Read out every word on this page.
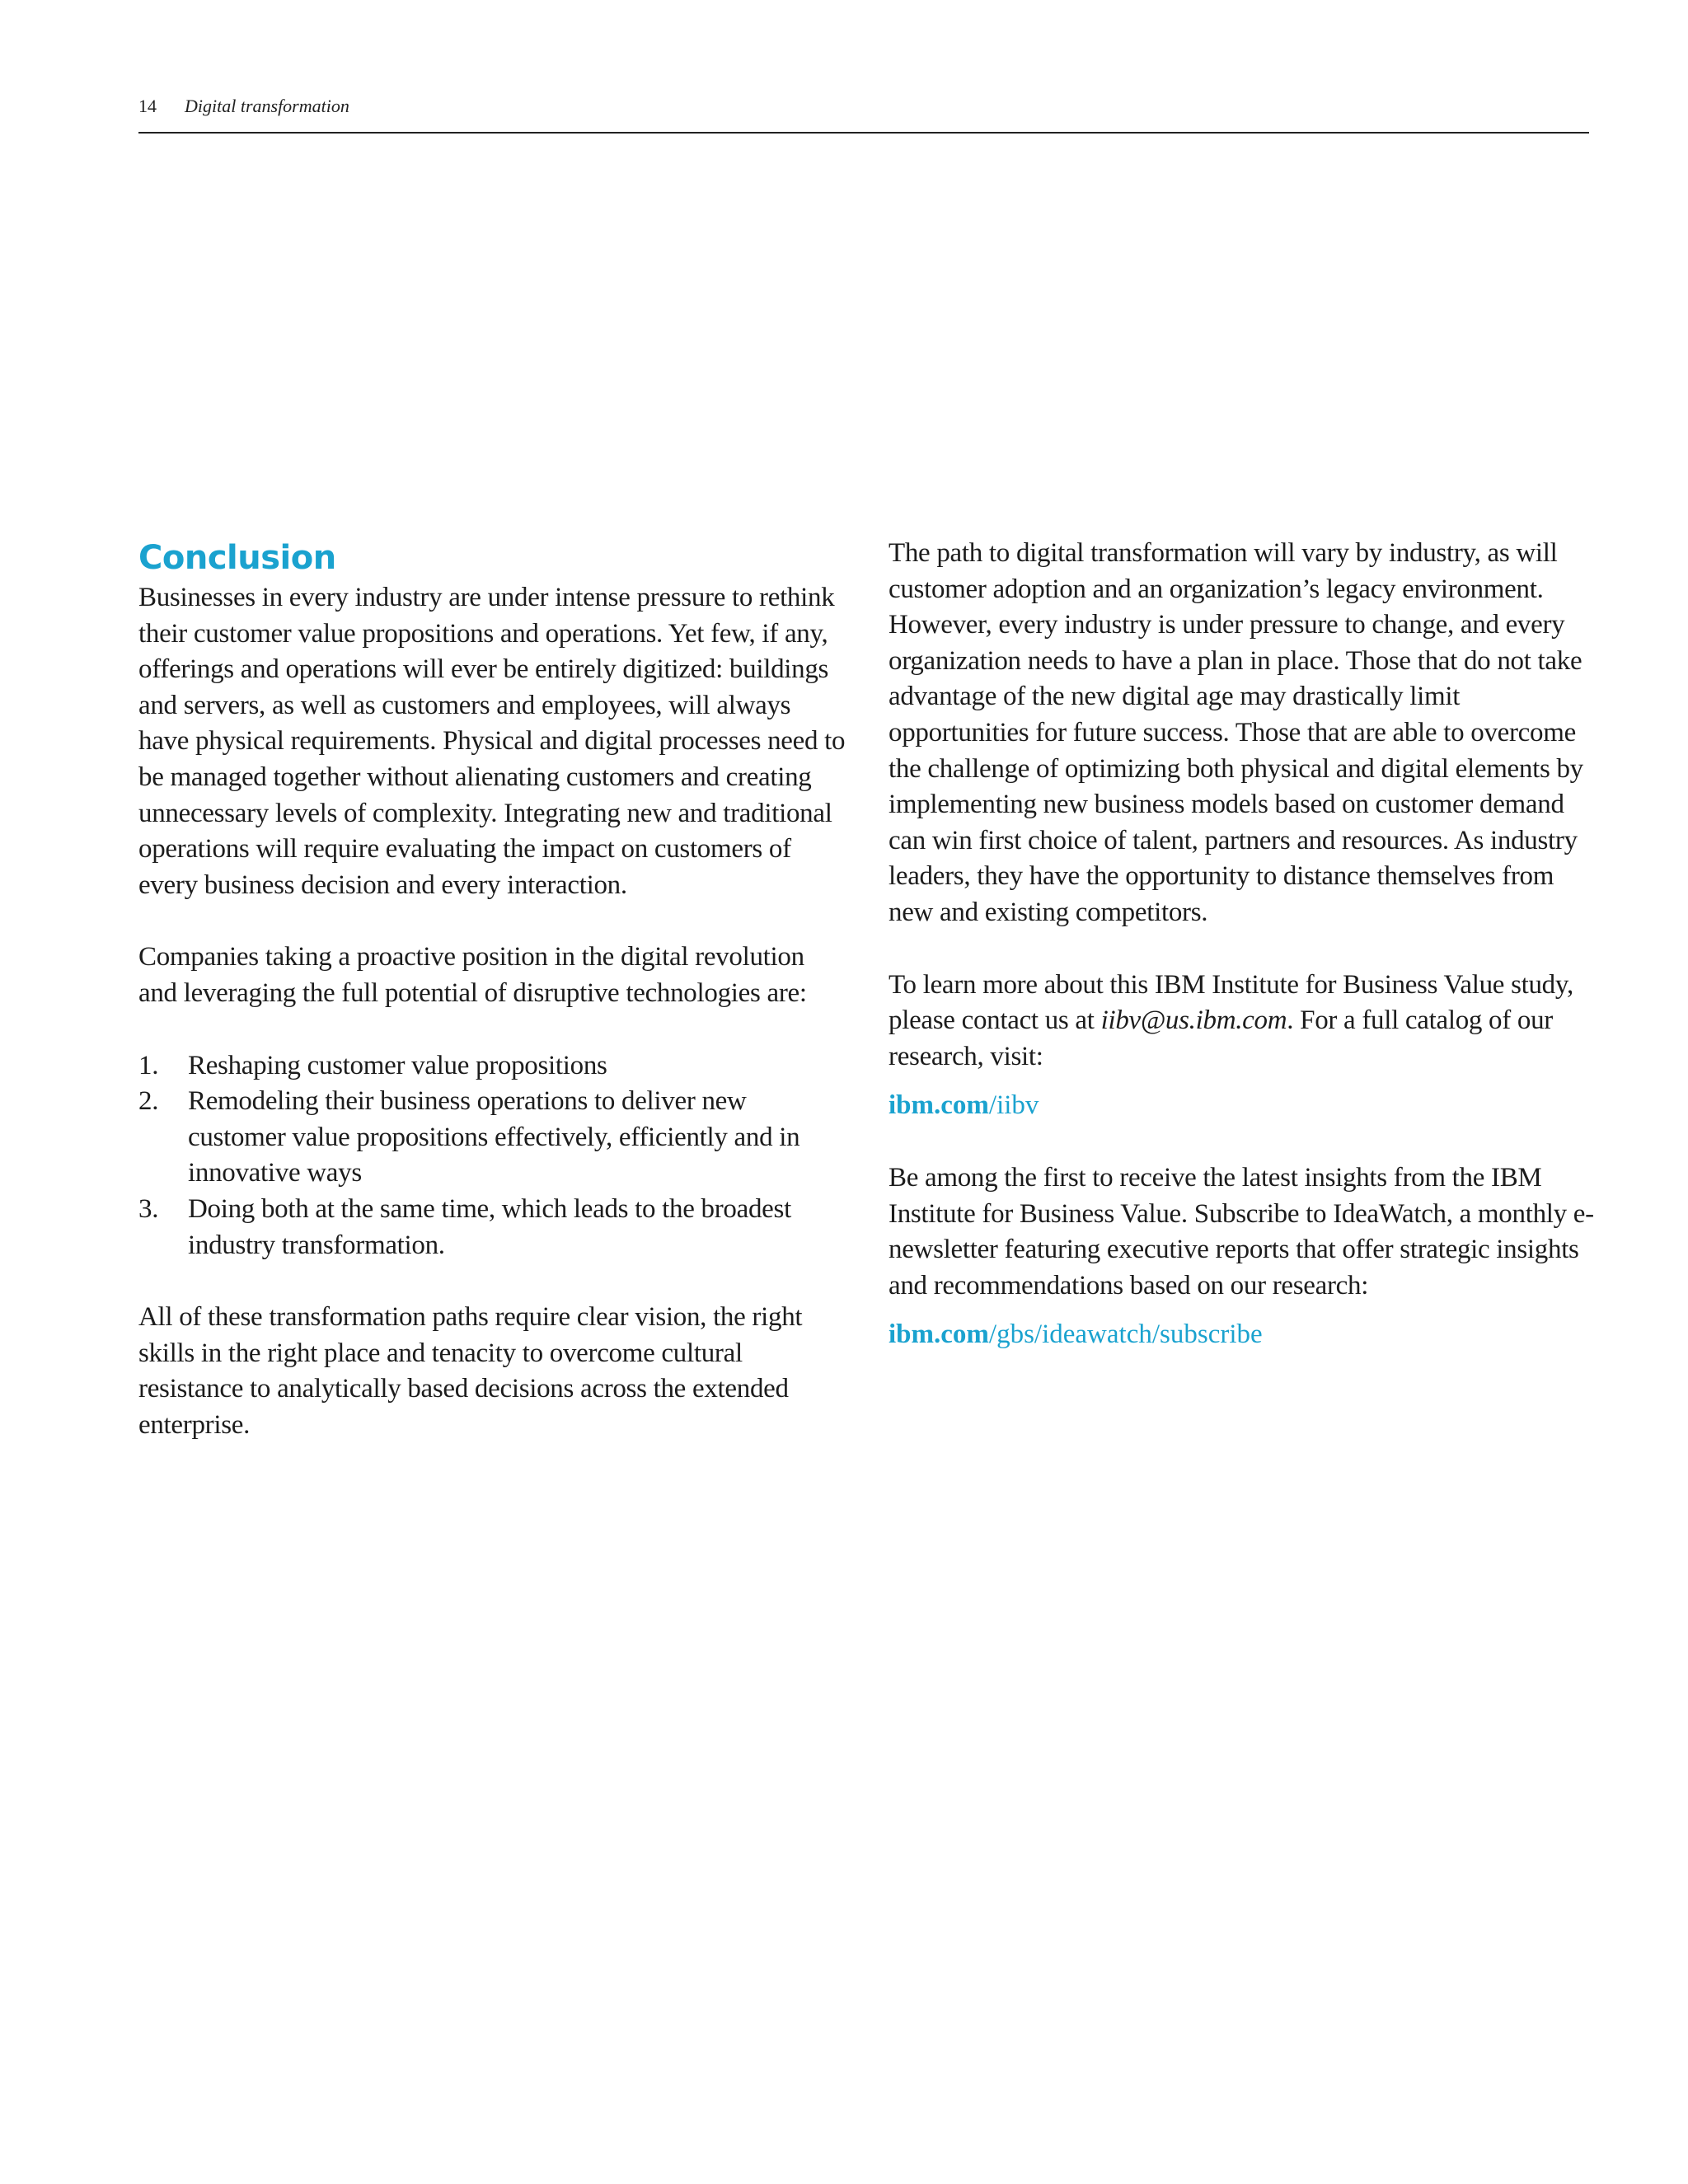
14 Digital transformation
Conclusion

Businesses in every industry are under intense pressure to rethink their customer value propositions and operations. Yet few, if any, offerings and operations will ever be entirely digitized: buildings and servers, as well as customers and employees, will always have physical requirements. Physical and digital processes need to be managed together without alienating customers and creating unnecessary levels of complexity. Integrating new and traditional operations will require evaluating the impact on customers of every business decision and every interaction.

Companies taking a proactive position in the digital revolution and leveraging the full potential of disruptive technologies are:

1. Reshaping customer value propositions
2. Remodeling their business operations to deliver new customer value propositions effectively, efficiently and in innovative ways
3. Doing both at the same time, which leads to the broadest industry transformation.

All of these transformation paths require clear vision, the right skills in the right place and tenacity to overcome cultural resistance to analytically based decisions across the extended enterprise.

The path to digital transformation will vary by industry, as will customer adoption and an organization’s legacy environment. However, every industry is under pressure to change, and every organization needs to have a plan in place. Those that do not take advantage of the new digital age may drastically limit opportunities for future success. Those that are able to overcome the challenge of optimizing both physical and digital elements by implementing new business models based on customer demand can win first choice of talent, partners and resources. As industry leaders, they have the opportunity to distance themselves from new and existing competitors.

To learn more about this IBM Institute for Business Value study, please contact us at iibv@us.ibm.com. For a full catalog of our research, visit:

ibm.com/iibv

Be among the first to receive the latest insights from the IBM Institute for Business Value. Subscribe to IdeaWatch, a monthly e-newsletter featuring executive reports that offer strategic insights and recommendations based on our research:

ibm.com/gbs/ideawatch/subscribe
